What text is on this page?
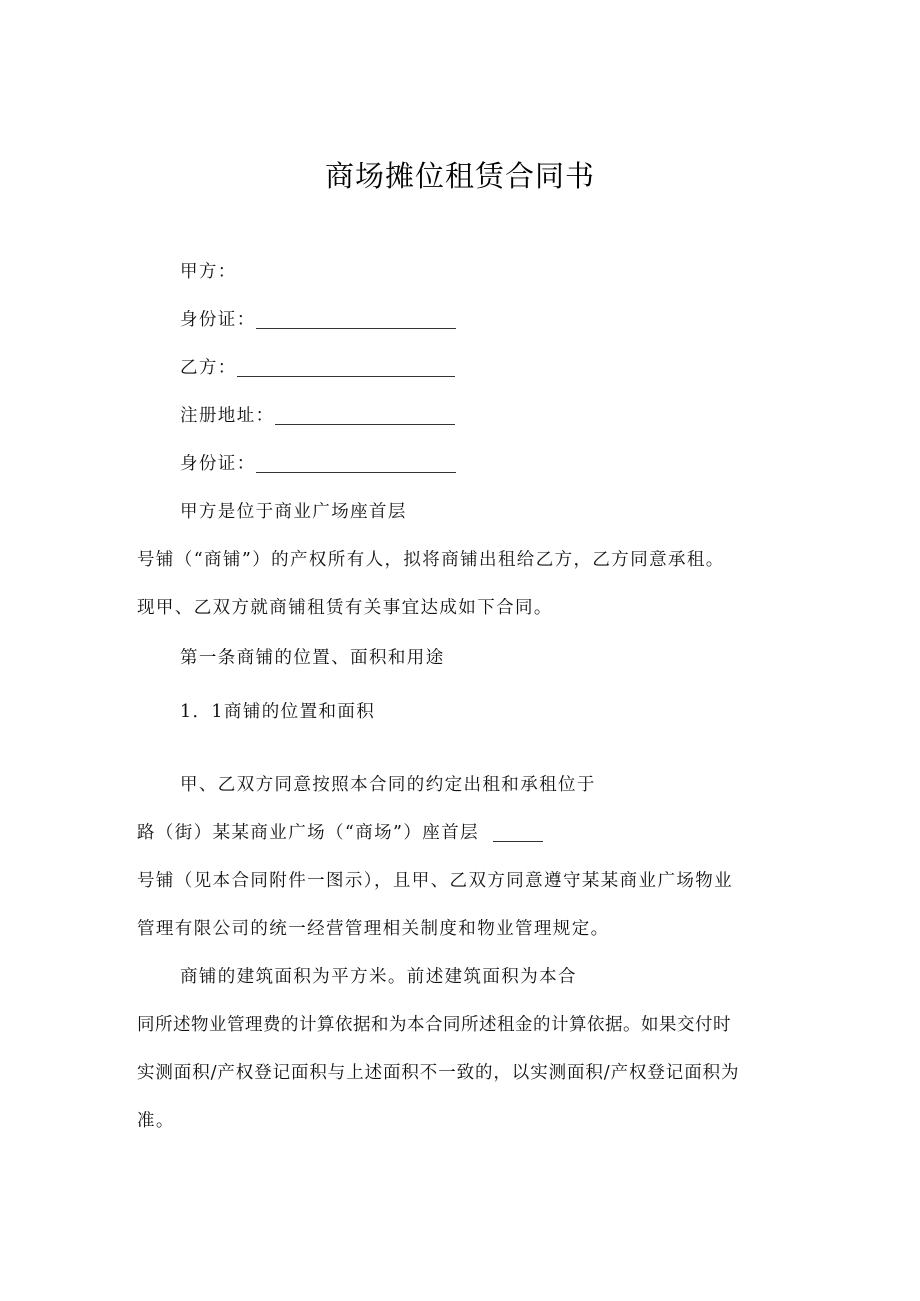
商场摊位租赁合同书
甲方：
身份证：
乙方：
注册地址：
身份证：
甲方是位于商业广场座首层
号铺（“商铺”）的产权所有人，拟将商铺出租给乙方，乙方同意承租。
现甲、乙双方就商铺租赁有关事宜达成如下合同。
第一条商铺的位置、面积和用途
1．1商铺的位置和面积
甲、乙双方同意按照本合同的约定出租和承租位于
路（街）某某商业广场（“商场”）座首层
号铺（见本合同附件一图示），且甲、乙双方同意遵守某某商业广场物业
管理有限公司的统一经营管理相关制度和物业管理规定。
商铺的建筑面积为平方米。前述建筑面积为本合
同所述物业管理费的计算依据和为本合同所述租金的计算依据。如果交付时
实测面积/产权登记面积与上述面积不一致的，以实测面积/产权登记面积为
准。
